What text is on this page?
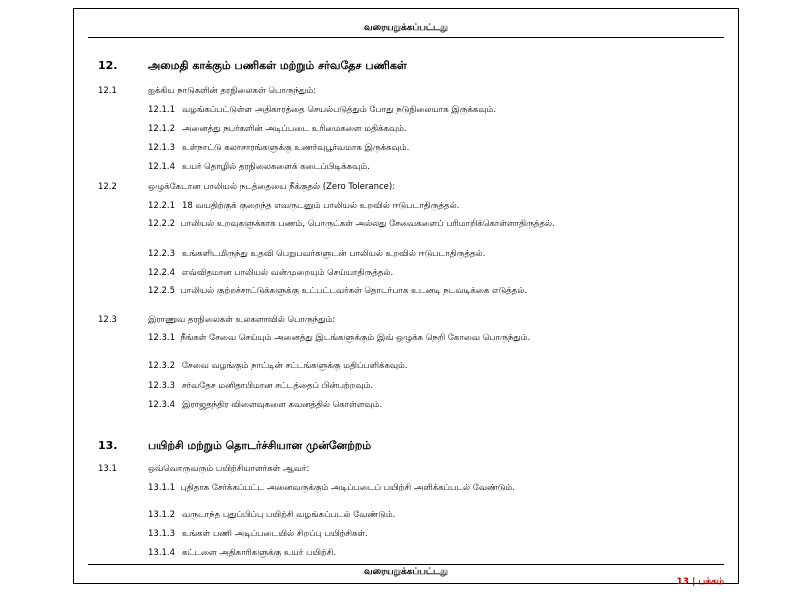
வரையறுக்கப்பட்டது
12.	அமைதி காக்கும் பணிகள் மற்றும் சர்வதேச பணிகள்
12.1	ஐக்கிய நாடுகளின் தரநிலைகள் பொருந்தும்:
12.1.1 வழங்கப்பட்டுள்ள அதிகாரத்தை செயல்படுத்தும் போது நடுநிலையாக இருக்கவும்.
12.1.2 அனைத்து நபர்களின் அடிப்படை உரிமைகளை மதிக்கவும்.
12.1.3 உள்நாட்டு கலாசாரங்களுக்கு உணர்வுபூர்வமாக இருக்கவும்.
12.1.4 உயர் தொழில் தரநிலைகளைக் கடைப்பிடிக்கவும்.
12.2	ஒழுக்கேடான பாலியல் நடத்தையை நீக்குதல் (Zero Tolerance):
12.2.1 18 வயதிற்குக் குறைந்த எவருடனும் பாலியல் உறவில் ஈடுபடாதிருத்தல்.
12.2.2 பாலியல் உறவுகளுக்காக பணம், பொருட்கள் அல்லது சேவைகளைப் பரிமாறிக்கொள்ளாதிருத்தல்.
12.2.3 உங்களிடமிருந்து உதவி பெறுபவர்களுடன் பாலியல் உறவில் ஈடுபடாதிருத்தல்.
12.2.4 எவ்விதமான பாலியல் வன்முறையும் செய்யாதிருத்தல்.
12.2.5 பாலியல் குற்றச்சாட்டுக்களுக்கு உட்பட்டவர்கள் தொடர்பாக உடனடி நடவடிக்கை எடுத்தல்.
12.3	இராணுவ தரநிலைகள் உலகளாவில் பொருந்தும்:
12.3.1 நீங்கள் சேவை செய்யும் அனைத்து இடங்களுக்கும் இவ் ஒழுக்க நெறி கோவை பொருந்தும்.
12.3.2 சேவை வழங்கும் நாட்டின் சட்டங்களுக்கு மதிப்பளிக்கவும்.
12.3.3 சர்வதேச மனிதாபிமான சட்டத்தைப் பின்பற்றவும்.
12.3.4 இராஜதந்திர விளைவுகளை கவனத்தில் கொள்ளவும்.
13.	பயிற்சி மற்றும் தொடர்ச்சியான முன்னேற்றம்
13.1	ஒவ்வொருவரும் பயிற்சியாளர்கள் ஆவர்:
13.1.1 புதிதாக சேர்க்கப்பட்ட அனைவருக்கும் அடிப்படைப் பயிற்சி அளிக்கப்படல் வேண்டும்.
13.1.2 வருடாந்த புதுப்பிப்பு பயிற்சி வழங்கப்படல் வேண்டும்.
13.1.3 உங்கள் பணி அடிப்படையில் சிறப்பு பயிற்சிகள்.
13.1.4 கட்டளை அதிகாரிகளுக்கு உயர் பயிற்சி.
வரையறுக்கப்பட்டது
13 | பக்கம்
